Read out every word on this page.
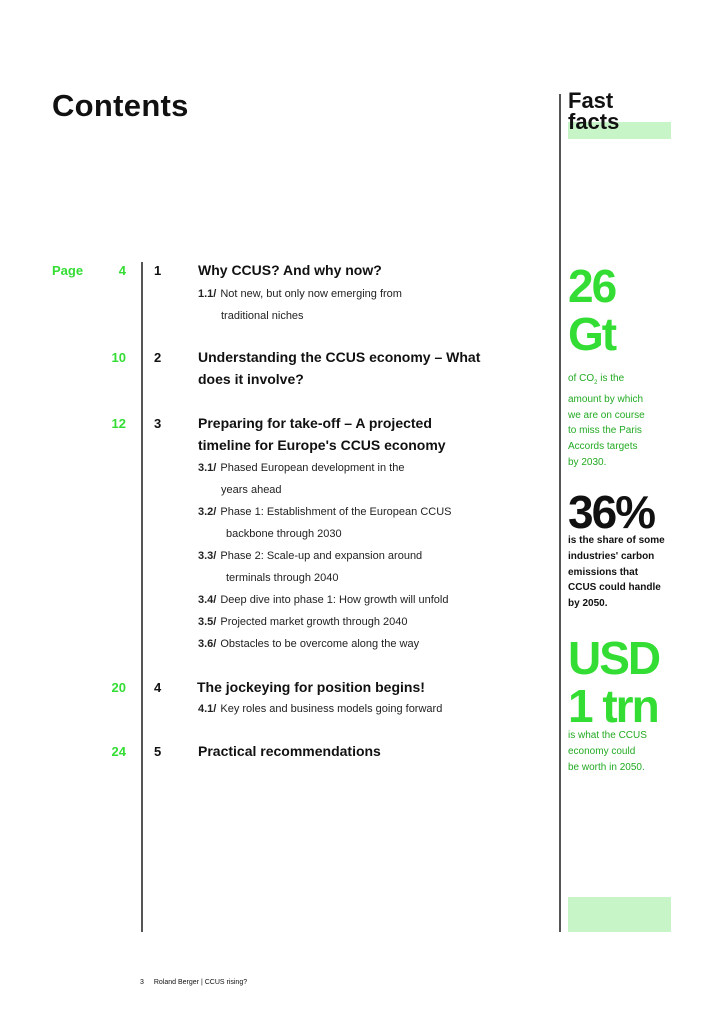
Contents	Fast
facts
Page	4 1	Why CCUS? And why now?
1.1/ Not new, but only now emerging from
traditional niches
10 2	Understanding the CCUS economy – What
does it involve?
12 3	Preparing for take-off – A projected
timeline for Europe's CCUS economy
3.1/ Phased European development in the
years ahead
3.2/ Phase 1: Establishment of the European CCUS
backbone through 2030
3.3/ Phase 2: Scale-up and expansion around
terminals through 2040
3.4/ Deep dive into phase 1: How growth will unfold
3.5/ Projected market growth through 2040
3.6/ Obstacles to be overcome along the way
20 4	The jockeying for position begins!
4.1/ Key roles and business models going forward
24 5	Practical recommendations
26
Gt
of $CO_2$ is the
amount by which
we are on course
to miss the Paris
Accords targets
by 2030.
36%
is the share of some
industries' carbon
emissions that
CCUS could handle
by 2050.
USD
1 trn
is what the CCUS
economy could
be worth in 2050.
3 Roland Berger | CCUS rising?
